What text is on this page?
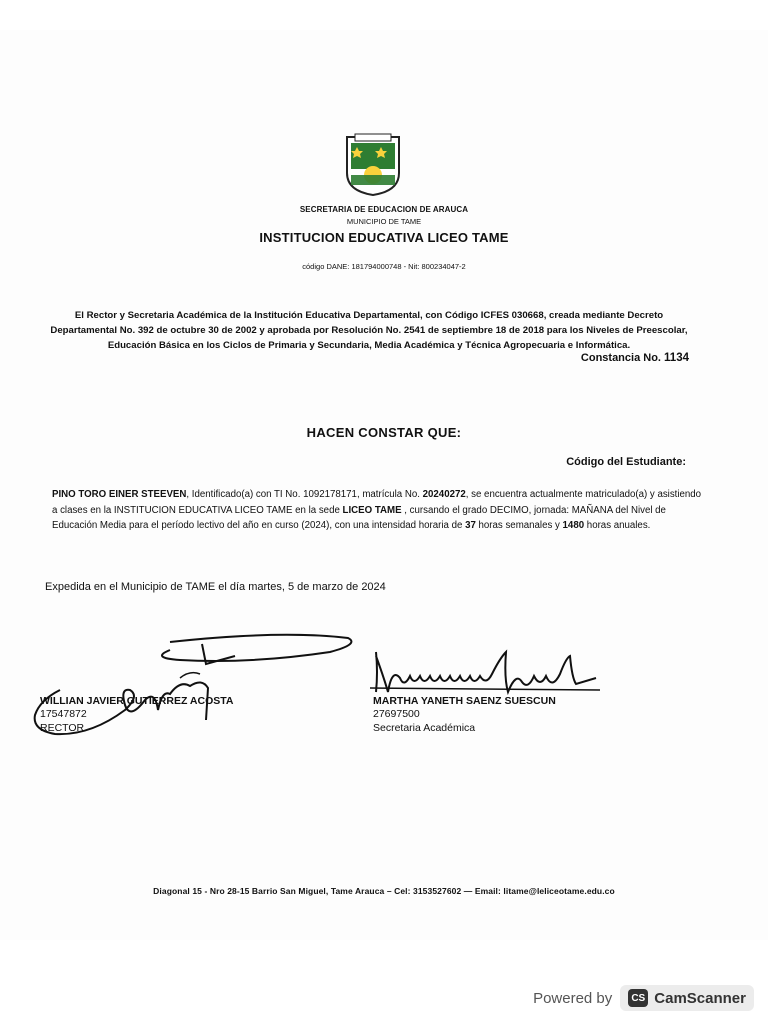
SECRETARIA DE EDUCACION DE ARAUCA
MUNICIPIO DE TAME
INSTITUCION EDUCATIVA LICEO TAME
código DANE: 181794000748 - Nit: 800234047-2
El Rector y Secretaria Académica de la Institución Educativa Departamental, con Código ICFES 030668, creada mediante Decreto Departamental No. 392 de octubre 30 de 2002 y aprobada por Resolución No. 2541 de septiembre 18 de 2018 para los Niveles de Preescolar, Educación Básica en los Ciclos de Primaria y Secundaria, Media Académica y Técnica Agropecuaria e Informática.
Constancia No. 1134
HACEN CONSTAR QUE:
Código del Estudiante:
PINO TORO EINER STEEVEN, Identificado(a) con TI No. 1092178171, matrícula No. 20240272, se encuentra actualmente matriculado(a) y asistiendo a clases en la INSTITUCION EDUCATIVA LICEO TAME en la sede LICEO TAME , cursando el grado DECIMO, jornada: MAÑANA del Nivel de Educación Media para el período lectivo del año en curso (2024), con una intensidad horaria de 37 horas semanales y 1480 horas anuales.
Expedida en el Municipio de TAME el día martes, 5 de marzo de 2024
WILLIAN JAVIER GUTIERREZ ACOSTA
17547872
RECTOR
MARTHA YANETH SAENZ SUESCUN
27697500
Secretaria Académica
Diagonal 15 - Nro 28-15 Barrio San Miguel, Tame Arauca – Cel: 3153527602 — Email: litame@leliceotame.edu.co
Powered by	CS CamScanner
